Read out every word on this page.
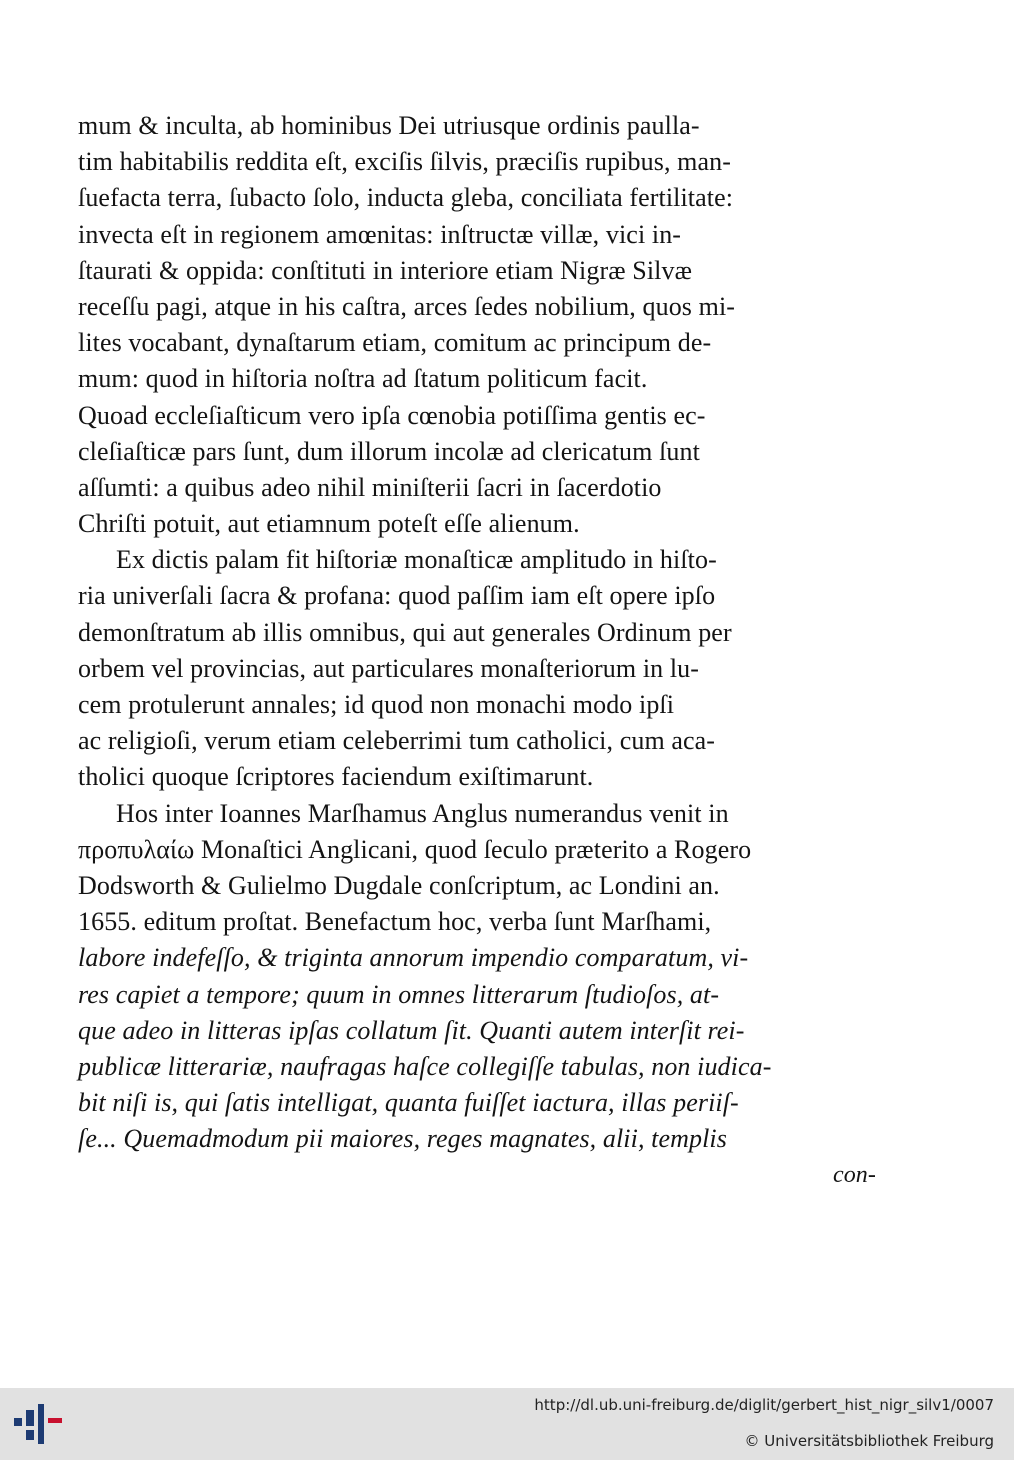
mum & inculta, ab hominibus Dei utriusque ordinis paulla-
tim habitabilis reddita eſt, exciſis ſilvis, præciſis rupibus, man-
ſuefacta terra, ſubacto ſolo, inducta gleba, conciliata fertilitate:
invecta eſt in regionem amœnitas: inſtructæ villæ, vici in-
ſtaurati & oppida: conſtituti in interiore etiam Nigræ Silvæ
receſſu pagi, atque in his caſtra, arces ſedes nobilium, quos mi-
lites vocabant, dynaſtarum etiam, comitum ac principum de-
mum: quod in hiſtoria noſtra ad ſtatum politicum facit.
Quoad eccleſiaſticum vero ipſa cœnobia potiſſima gentis ec-
cleſiaſticæ pars ſunt, dum illorum incolæ ad clericatum ſunt
aſſumti: a quibus adeo nihil miniſterii ſacri in ſacerdotio
Chriſti potuit, aut etiamnum poteſt eſſe alienum.
Ex dictis palam fit hiſtoriæ monaſticæ amplitudo in hiſto-
ria univerſali ſacra & profana: quod paſſim iam eſt opere ipſo
demonſtratum ab illis omnibus, qui aut generales Ordinum per
orbem vel provincias, aut particulares monaſteriorum in lu-
cem protulerunt annales; id quod non monachi modo ipſi
ac religioſi, verum etiam celeberrimi tum catholici, cum aca-
tholici quoque ſcriptores faciendum exiſtimarunt.
Hos inter Ioannes Marſhamus Anglus numerandus venit in
προπυλαίω Monaſtici Anglicani, quod ſeculo præterito a Rogero
Dodsworth & Gulielmo Dugdale conſcriptum, ac Londini an.
1655. editum proſtat. Benefactum hoc, verba ſunt Marſhami,
labore indefeſſo, & triginta annorum impendio comparatum, vi-
res capiet a tempore; quum in omnes litterarum ſtudioſos, at-
que adeo in litteras ipſas collatum ſit. Quanti autem interſit rei-
publicæ litterariæ, naufragas haſce collegiſſe tabulas, non iudica-
bit niſi is, qui ſatis intelligat, quanta fuiſſet iactura, illas periiſ-
ſe... Quemadmodum pii maiores, reges magnates, alii, templis
con-
http://dl.ub.uni-freiburg.de/diglit/gerbert_hist_nigr_silv1/0007
© Universitätsbibliothek Freiburg
